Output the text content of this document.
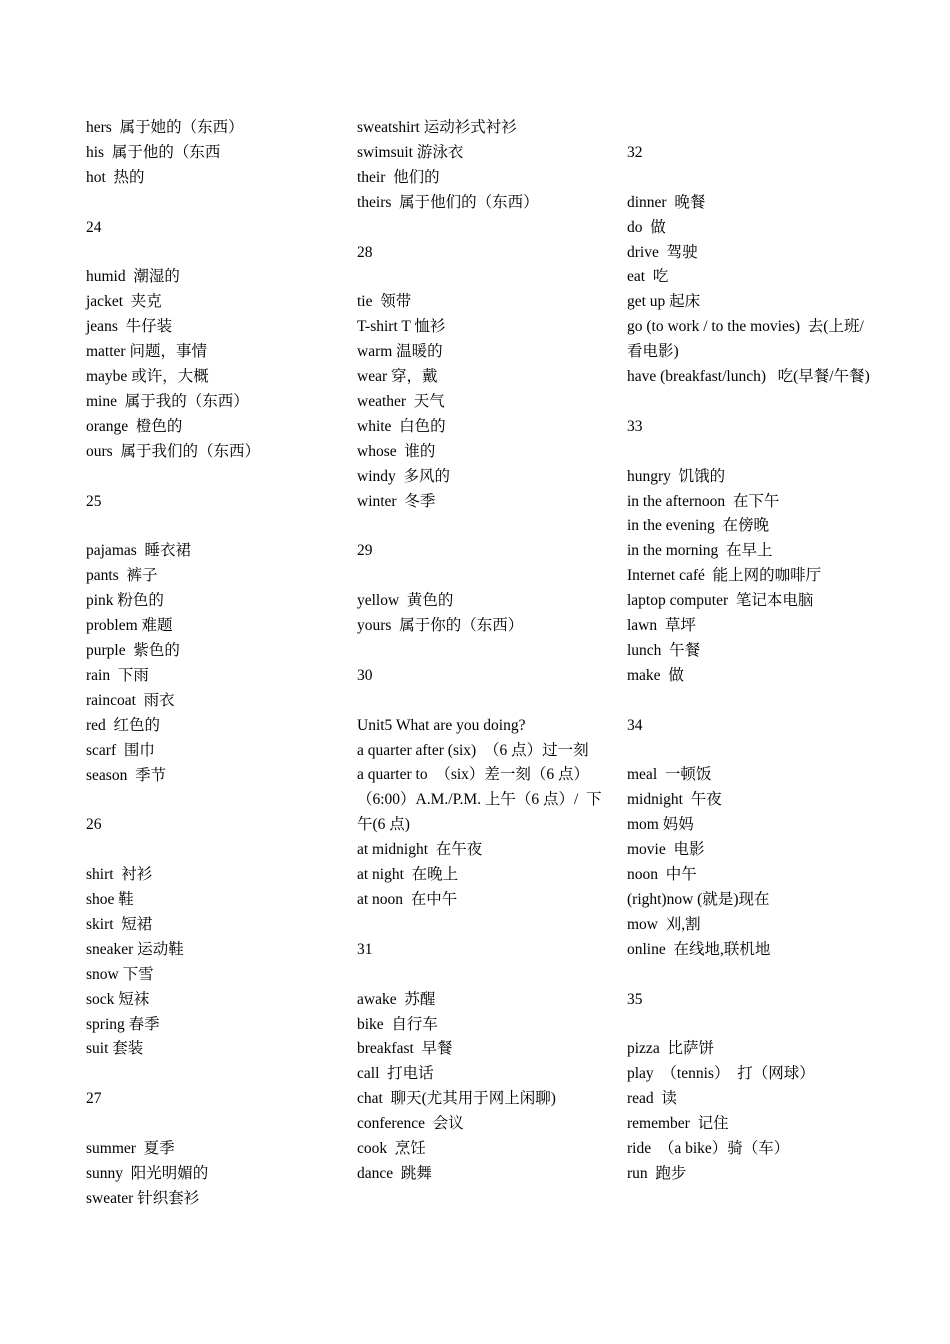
hers  属于她的（东西）
his  属于他的（东西
hot  热的
24
humid  潮湿的
jacket  夹克
jeans  牛仔装
matter 问题，事情
maybe 或许，大概
mine  属于我的（东西）
orange  橙色的
ours  属于我们的（东西）
25
pajamas  睡衣裙
pants  裤子
pink 粉色的
problem 难题
purple  紫色的
rain  下雨
raincoat  雨衣
red  红色的
scarf  围巾
season  季节
26
shirt  衬衫
shoe 鞋
skirt  短裙
sneaker 运动鞋
snow 下雪
sock 短袜
spring 春季
suit 套装
27
summer  夏季
sunny  阳光明媚的
sweater 针织套衫
sweatshirt 运动衫式衬衫
swimsuit 游泳衣
their  他们的
theirs  属于他们的（东西）
28
tie  领带
T-shirt T 恤衫
warm 温暖的
wear 穿，戴
weather  天气
white  白色的
whose  谁的
windy  多风的
winter  冬季
29
yellow  黄色的
yours  属于你的（东西）
30
Unit5 What are you doing?
a quarter after (six)  （6 点）过一刻
a quarter to  （six）差一刻（6 点）（6:00）A.M./P.M. 上午（6 点）/  下午(6 点)
at midnight  在午夜
at night  在晚上
at noon  在中午
31
awake  苏醒
bike  自行车
breakfast  早餐
call  打电话
chat  聊天(尤其用于网上闲聊)
conference  会议
cook  烹饪
dance  跳舞
32
dinner  晚餐
do  做
drive  驾驶
eat  吃
get up 起床
go (to work / to the movies)  去(上班/看电影)
have (breakfast/lunch)   吃(早餐/午餐)
33
hungry  饥饿的
in the afternoon  在下午
in the evening  在傍晚
in the morning  在早上
Internet café  能上网的咖啡厅
laptop computer  笔记本电脑
lawn  草坪
lunch  午餐
make  做
34
meal  一顿饭
midnight  午夜
mom 妈妈
movie  电影
noon  中午
(right)now (就是)现在
mow  刈,割
online  在线地,联机地
35
pizza  比萨饼
play  （tennis）  打（网球）
read  读
remember  记住
ride  （a bike）骑（车）
run  跑步
